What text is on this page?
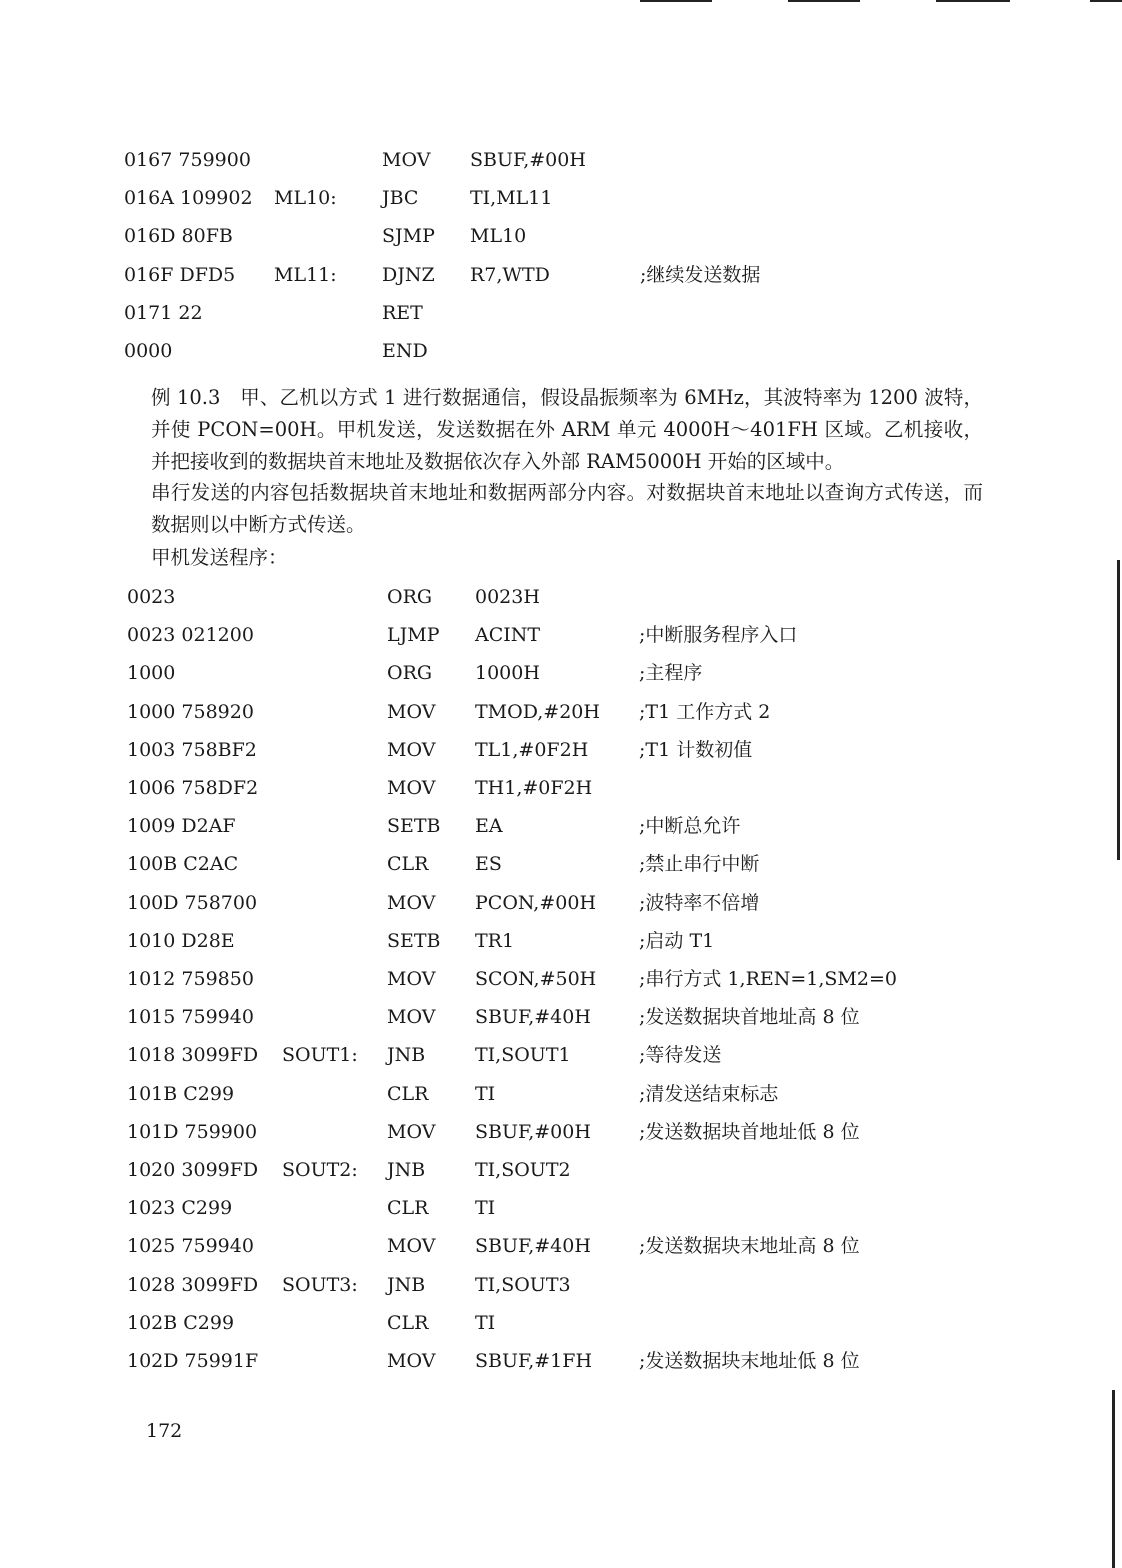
0167 759900	MOV SBUF,#00H
016A 109902 ML10: JBC	TI,ML11
016D 80FB	SJMP ML10
016F DFD5 ML11: DJNZ R7,WTD	;继续发送数据
0171 22	RET
0000	END
例 10.3　甲、乙机以方式 1 进行数据通信，假设晶振频率为 6MHz，其波特率为 1200 波特，并使 PCON=00H。甲机发送，发送数据在外 ARM 单元 4000H～401FH 区域。乙机接收，并把接收到的数据块首末地址及数据依次存入外部 RAM5000H 开始的区域中。
串行发送的内容包括数据块首末地址和数据两部分内容。对数据块首末地址以查询方式传送，而数据则以中断方式传送。
甲机发送程序：
0023	ORG 0023H
0023 021200	LJMP ACINT	;中断服务程序入口
1000	ORG 1000H	;主程序
1000 758920	MOV TMOD,#20H ;T1 工作方式 2
1003 758BF2	MOV TL1,#0F2H	;T1 计数初值
1006 758DF2	MOV TH1,#0F2H
1009 D2AF	SETB EA	;中断总允许
100B C2AC	CLR ES	;禁止串行中断
100D 758700	MOV PCON,#00H ;波特率不倍增
1010 D28E	SETB TR1	;启动 T1
1012 759850	MOV SCON,#50H ;串行方式 1,REN=1,SM2=0
1015 759940	MOV SBUF,#40H	;发送数据块首地址高 8 位
1018 3099FD SOUT1: JNB	TI,SOUT1	;等待发送
101B C299	CLR TI	;清发送结束标志
101D 759900	MOV SBUF,#00H	;发送数据块首地址低 8 位
1020 3099FD SOUT2: JNB	TI,SOUT2
1023 C299	CLR TI
1025 759940	MOV SBUF,#40H	;发送数据块末地址高 8 位
1028 3099FD SOUT3: JNB	TI,SOUT3
102B C299	CLR TI
102D 75991F	MOV SBUF,#1FH ;发送数据块末地址低 8 位
172
